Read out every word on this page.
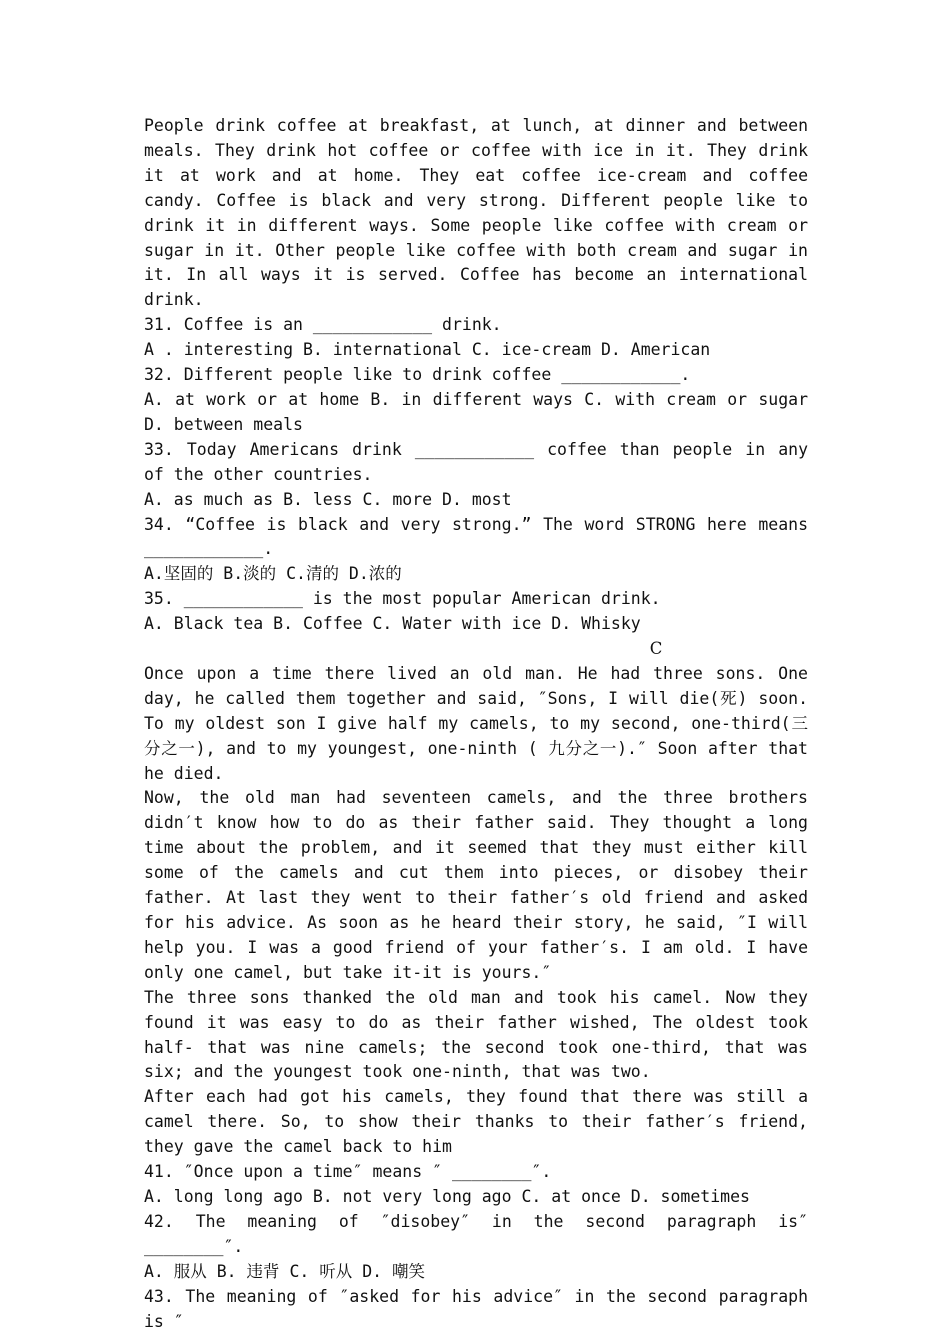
People drink coffee at breakfast, at lunch, at dinner and between meals. They drink hot coffee or coffee with ice in it. They drink it at work and at home. They eat coffee ice-cream and coffee candy. Coffee is black and very strong. Different people like to drink it in different ways. Some people like coffee with cream or sugar in it. Other people like coffee with both cream and sugar in it. In all ways it is served. Coffee has become an international drink.

31. Coffee is an ____________ drink.

A . interesting B. international C. ice-cream D. American

32. Different people like to drink coffee ____________.

A. at work or at home B. in different ways C. with cream or sugar D. between meals

33. Today Americans drink ____________ coffee than people in any of the other countries.

A. as much as B. less C. more D. most

34. “Coffee is black and very strong.” The word STRONG here means ____________.

A.坚固的 B.淡的 C.清的 D.浓的

35. ____________ is the most popular American drink.

A. Black tea B. Coffee C. Water with ice D. Whisky

C

Once upon a time there lived an old man. He had three sons. One day, he called them together and said, ″Sons, I will die(死) soon. To my oldest son I give half my camels, to my second, one-third(三分之一), and to my youngest, one-ninth ( 九分之一).″ Soon after that he died.

Now, the old man had seventeen camels, and the three brothers didn′t know how to do as their father said. They thought a long time about the problem, and it seemed that they must either kill some of the camels and cut them into pieces, or disobey their father. At last they went to their father′s old friend and asked for his advice. As soon as he heard their story, he said, ″I will help you. I was a good friend of your father′s. I am old. I have only one camel, but take it-it is yours.″

The three sons thanked the old man and took his camel. Now they found it was easy to do as their father wished, The oldest took half- that was nine camels; the second took one-third, that was six; and the youngest took one-ninth, that was two.

After each had got his camels, they found that there was still a camel there. So, to show their thanks to their father′s friend, they gave the camel back to him

41. ″Once upon a time″ means ″ ________″.

A. long long ago B. not very long ago C. at once D. sometimes

42. The meaning of ″disobey″ in the second paragraph is″ ________″.

A. 服从 B. 违背 C. 听从 D. 嘲笑

43. The meaning of ″asked for his advice″ in the second paragraph is ″
